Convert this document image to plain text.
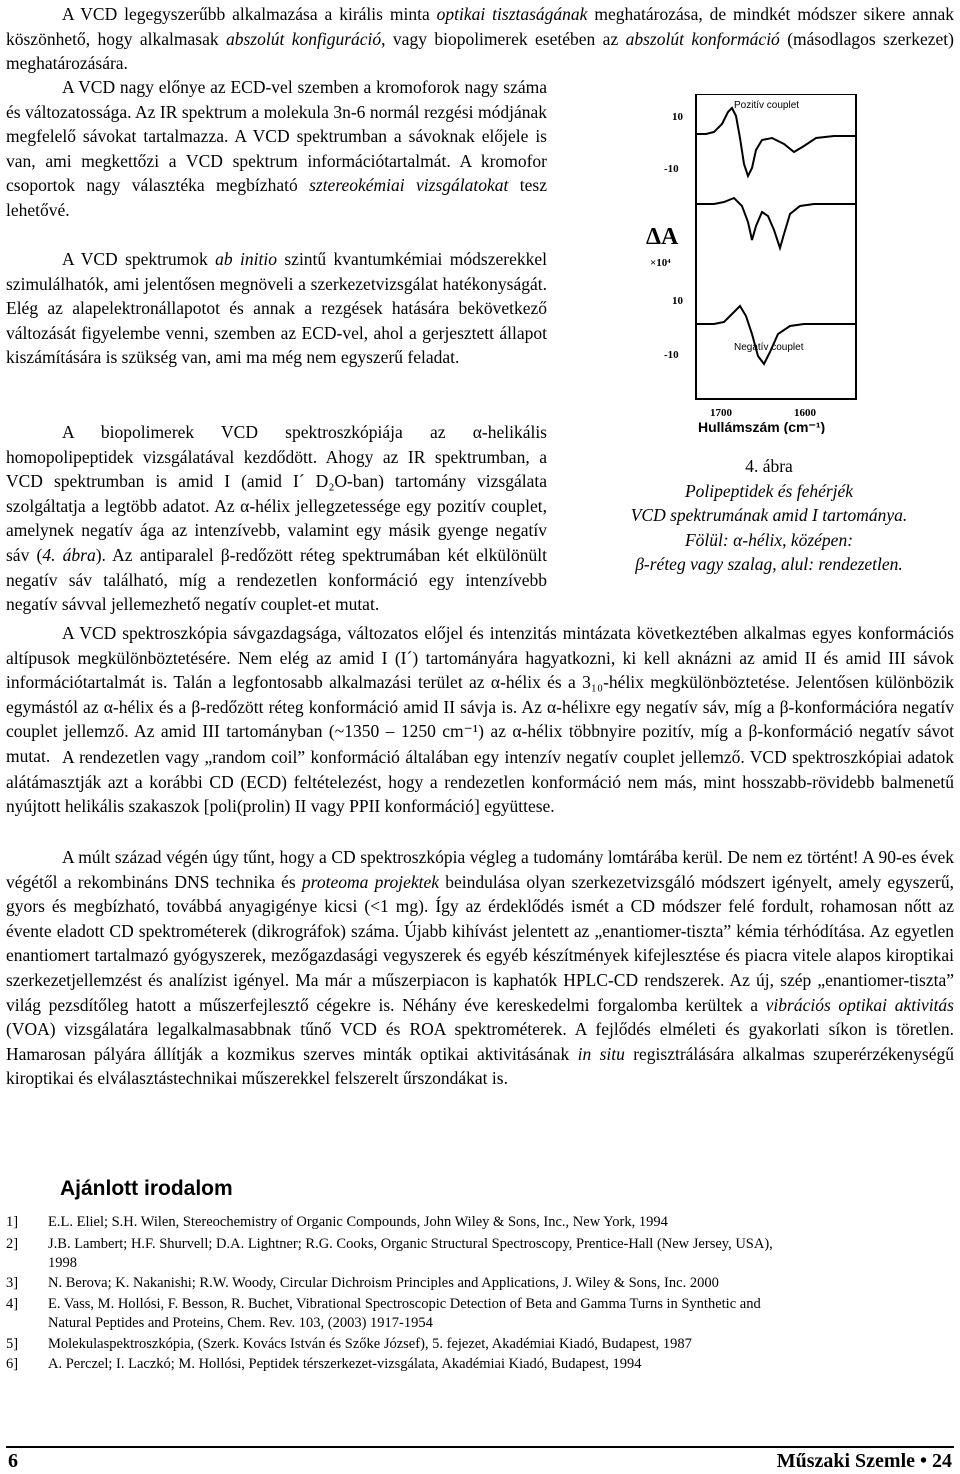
A VCD legegyszerűbb alkalmazása a királis minta optikai tisztaságának meghatározása, de mindkét módszer sikere annak köszönhető, hogy alkalmasak abszolút konfiguráció, vagy biopolimerek esetében az abszolút konformáció (másodlagos szerkezet) meghatározására.

A VCD nagy előnye az ECD-vel szemben a kromoforok nagy száma és változatossága. Az IR spektrum a molekula 3n-6 normál rezgési módjának megfelelő sávokat tartalmazza. A VCD spektrumban a sávoknak előjele is van, ami megkettőzi a VCD spektrum információtartalmát. A kromofor csoportok nagy választéka megbízható sztereokémiai vizsgálatokat tesz lehetővé.

A VCD spektrumok ab initio szintű kvantumkémiai módszerekkel szimulálhatók, ami jelentősen megnöveli a szerkezetvizsgálat hatékonyságát. Elég az alapelektronállapotot és annak a rezgések hatására bekövetkező változását figyelembe venni, szemben az ECD-vel, ahol a gerjesztett állapot kiszámítására is szükség van, ami ma még nem egyszerű feladat.

A biopolimerek VCD spektroszkópiája az α-helikális homopolipeptidek vizsgálatával kezdődött. Ahogy az IR spektrumban, a VCD spektrumban is amid I (amid I´ D₂O-ban) tartomány vizsgálata szolgáltatja a legtöbb adatot. Az α-hélix jellegzetessége egy pozitív couplet, amelynek negatív ága az intenzívebb, valamint egy másik gyenge negatív sáv (4. ábra). Az antiparalel β-redőzött réteg spektrumában két elkülönült negatív sáv található, míg a rendezetlen konformáció egy intenzívebb negatív sávval jellemezhető negatív couplet-et mutat.

Pozitív couplet
Negatív couplet
10
-10
10
-10
ΔA
×10⁴
1700	1600
Hullámszám (cm⁻¹)
4. ábra
Polipeptidek és fehérjék
VCD spektrumának amid I tartománya.
Fölül: α-hélix, középen:
β-réteg vagy szalag, alul: rendezetlen.

A VCD spektroszkópia sávgazdagsága, változatos előjel és intenzitás mintázata következtében alkalmas egyes konformációs altípusok megkülönböztetésére. Nem elég az amid I (I´) tartományára hagyatkozni, ki kell aknázni az amid II és amid III sávok információtartalmát is. Talán a legfontosabb alkalmazási terület az α-hélix és a 3₁₀-hélix megkülönböztetése. Jelentősen különbözik egymástól az α-hélix és a β-redőzött réteg konformáció amid II sávja is. Az α-hélixre egy negatív sáv, míg a β-konformációra negatív couplet jellemző. Az amid III tartományban (~1350 – 1250 cm⁻¹) az α-hélix többnyire pozitív, míg a β-konformáció negatív sávot mutat. A rendezetlen vagy „random coil” konformáció általában egy intenzív negatív couplet jellemző. VCD spektroszkópiai adatok alátámasztják azt a korábbi CD (ECD) feltételezést, hogy a rendezetlen konformáció nem más, mint hosszabb-rövidebb balmenetű nyújtott helikális szakaszok [poli(prolin) II vagy PPII konformáció] együttese.

A múlt század végén úgy tűnt, hogy a CD spektroszkópia végleg a tudomány lomtárába kerül. De nem ez történt! A 90-es évek végétől a rekombináns DNS technika és proteoma projektek beindulása olyan szerkezetvizsgáló módszert igényelt, amely egyszerű, gyors és megbízható, továbbá anyagigénye kicsi (<1 mg). Így az érdeklődés ismét a CD módszer felé fordult, rohamosan nőtt az évente eladott CD spektrométerek (dikrográfok) száma. Újabb kihívást jelentett az „enantiomer-tiszta” kémia térhódítása. Az egyetlen enantiomert tartalmazó gyógyszerek, mezőgazdasági vegyszerek és egyéb készítmények kifejlesztése és piacra vitele alapos kiroptikai szerkezetjellemzést és analízist igényel. Ma már a műszerpiacon is kaphatók HPLC-CD rendszerek. Az új, szép „enantiomer-tiszta” világ pezsdítőleg hatott a műszerfejlesztő cégekre is. Néhány éve kereskedelmi forgalomba kerültek a vibrációs optikai aktivitás (VOA) vizsgálatára legalkalmasabbnak tűnő VCD és ROA spektrométerek. A fejlődés elméleti és gyakorlati síkon is töretlen. Hamarosan pályára állítják a kozmikus szerves minták optikai aktivitásának in situ regisztrálására alkalmas szuperérzékenységű kiroptikai és elválasztástechnikai műszerekkel felszerelt űrszondákat is.

Ajánlott irodalom
1]	E.L. Eliel; S.H. Wilen, Stereochemistry of Organic Compounds, John Wiley & Sons, Inc., New York, 1994
2]	J.B. Lambert; H.F. Shurvell; D.A. Lightner; R.G. Cooks, Organic Structural Spectroscopy, Prentice-Hall (New Jersey, USA),
1998
3]	N. Berova; K. Nakanishi; R.W. Woody, Circular Dichroism Principles and Applications, J. Wiley & Sons, Inc. 2000
4]	E. Vass, M. Hollósi, F. Besson, R. Buchet, Vibrational Spectroscopic Detection of Beta and Gamma Turns in Synthetic and
Natural Peptides and Proteins, Chem. Rev. 103, (2003) 1917-1954
5]	Molekulaspektroszkópia, (Szerk. Kovács István és Szőke József), 5. fejezet, Akadémiai Kiadó, Budapest, 1987
6]	A. Perczel; I. Laczkó; M. Hollósi, Peptidek térszerkezet-vizsgálata, Akadémiai Kiadó, Budapest, 1994
6	Műszaki Szemle • 24
